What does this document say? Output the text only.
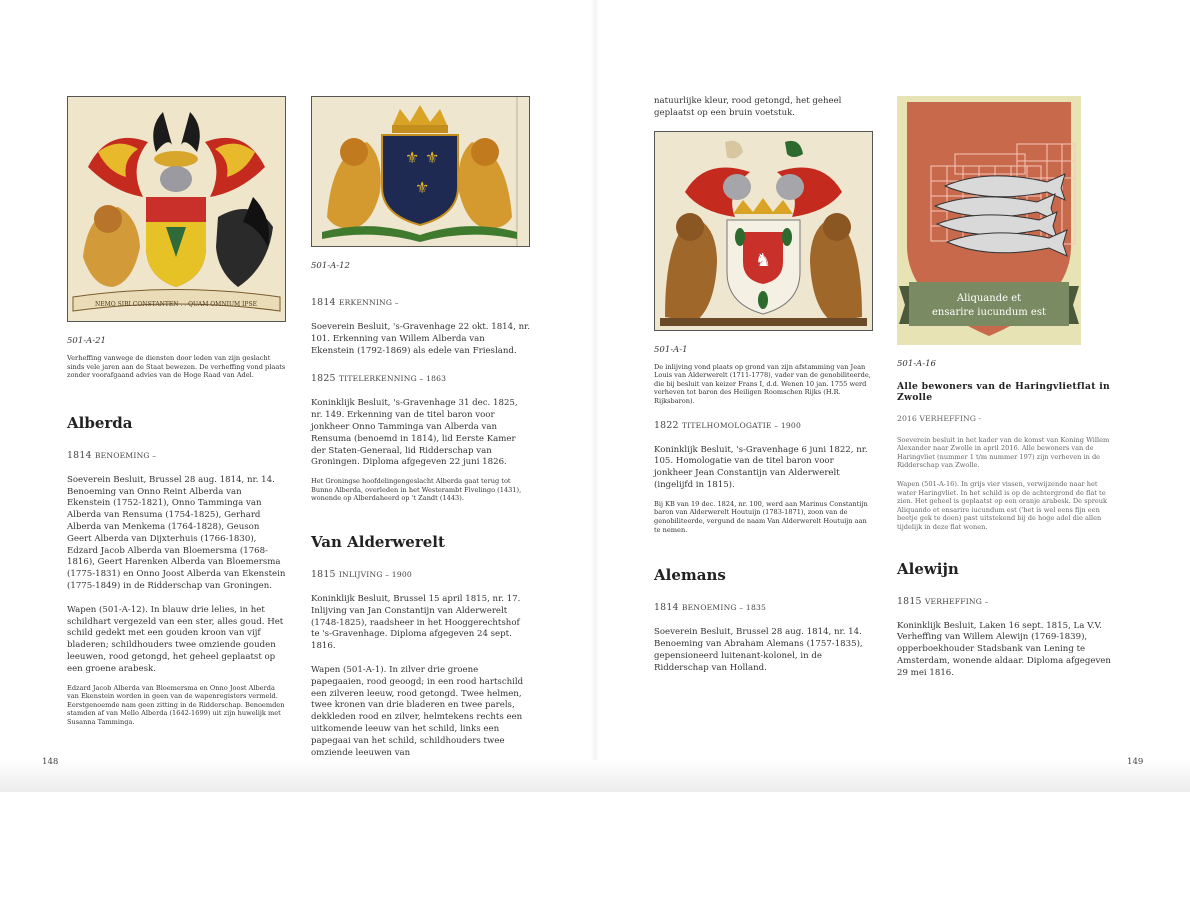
NEMO SIBI CONSTANTEN . . QUAM OMNIUM IPSE
501-A-21

Verheffing vanwege de diensten door leden van zijn geslacht sinds vele jaren aan de Staat bewezen. De verheffing vond plaats zonder voorafgaand advies van de Hoge Raad van Adel.

Alberda
1814 BENOEMING –

Soeverein Besluit, Brussel 28 aug. 1814, nr. 14. Benoeming van Onno Reint Alberda van Ekenstein (1752-1821), Onno Tamminga van Alberda van Rensuma (1754-1825), Gerhard Alberda van Menkema (1764-1828), Geuson Geert Alberda van Dijxterhuis (1766-1830), Edzard Jacob Alberda van Bloemersma (1768-1816), Geert Harenken Alberda van Bloemersma (1775-1831) en Onno Joost Alberda van Ekenstein (1775-1849) in de Ridderschap van Groningen.

Wapen (501-A-12). In blauw drie lelies, in het schildhart vergezeld van een ster, alles goud. Het schild gedekt met een gouden kroon van vijf bladeren; schildhouders twee omziende gouden leeuwen, rood getongd, het geheel geplaatst op een groene arabesk.

Edzard Jacob Alberda van Bloemersma en Onno Joost Alberda van Ekenstein worden in geen van de wapenregisters vermeld. Eerstgenoemde nam geen zitting in de Ridderschap. Benoemden stamden af van Mello Alberda (1642-1699) uit zijn huwelijk met Susanna Tamminga.

⚜ ⚜
⚜
501-A-12
1814 ERKENNING –

Soeverein Besluit, 's-Gravenhage 22 okt. 1814, nr. 101. Erkenning van Willem Alberda van Ekenstein (1792-1869) als edele van Friesland.

1825 TITELERKENNING – 1863

Koninklijk Besluit, 's-Gravenhage 31 dec. 1825, nr. 149. Erkenning van de titel baron voor jonkheer Onno Tamminga van Alberda van Rensuma (benoemd in 1814), lid Eerste Kamer der Staten-Generaal, lid Ridderschap van Groningen. Diploma afgegeven 22 juni 1826.

Het Groningse hoofdelingengeslacht Alberda gaat terug tot Bunno Alberda, overleden in het Westerambt Fivelingo (1431), wonende op Alberdaheerd op 't Zandt (1443).

Van Alderwerelt
1815 INLIJVING – 1900

Koninklijk Besluit, Brussel 15 april 1815, nr. 17. Inlijving van Jan Constantijn van Alderwerelt (1748-1825), raadsheer in het Hooggerechtshof te 's-Gravenhage. Diploma afgegeven 24 sept. 1816.

Wapen (501-A-1). In zilver drie groene papegaaien, rood geoogd; in een rood hartschild een zilveren leeuw, rood getongd. Twee helmen, twee kronen van drie bladeren en twee parels, dekkleden rood en zilver, helmtekens rechts een uitkomende leeuw van het schild, links een papegaai van het schild, schildhouders twee omziende leeuwen van

natuurlijke kleur, rood getongd, het geheel geplaatst op een bruin voetstuk.

♞
501-A-1

De inlijving vond plaats op grond van zijn afstamming van Jean Louis van Alderwerelt (1711-1778), vader van de genobiliteerde, die bij besluit van keizer Frans I, d.d. Wenen 10 jan. 1755 werd verheven tot baron des Heiligen Roomschen Rijks (H.R. Rijksbaron).

1822 TITELHOMOLOGATIE – 1900

Koninklijk Besluit, 's-Gravenhage 6 juni 1822, nr. 105. Homologatie van de titel baron voor jonkheer Jean Constantijn van Alderwerelt (ingelijfd in 1815).

Bij KB van 19 dec. 1824, nr. 100, werd aan Marinus Constantijn baron van Alderwerelt Houtuijn (1783-1871), zoon van de genobiliteerde, vergund de naam Van Alderwerelt Houtuijn aan te nemen.

Alemans
1814 BENOEMING – 1835

Soeverein Besluit, Brussel 28 aug. 1814, nr. 14. Benoeming van Abraham Alemans (1757-1835), gepensioneerd luitenant-kolonel, in de Ridderschap van Holland.

Aliquande et
ensarire iucundum est
501-A-16

Alle bewoners van de Haringvlietflat in Zwolle

2016 VERHEFFING -

Soeverein besluit in het kader van de komst van Koning Willem Alexander naar Zwolle in april 2016. Alle bewoners van de Haringvliet (nummer 1 t/m nummer 197) zijn verheven in de Ridderschap van Zwolle.

Wapen (501-A-16). In grijs vier vissen, verwijzende naar het water Haringvliet. In het schild is op de achtergrond de flat te zien. Het geheel is geplaatst op een oranje arabesk. De spreuk Aliquando et ensarire iucundum est ('het is wel eens fijn een beetje gek te doen) past uitstekend bij de hoge adel die allen tijdelijk in deze flat wonen.

Alewijn
1815 VERHEFFING –

Koninklijk Besluit, Laken 16 sept. 1815, La V.V. Verheffing van Willem Alewijn (1769-1839), opperboekhouder Stadsbank van Lening te Amsterdam, wonende aldaar. Diploma afgegeven 29 mei 1816.

148	149
